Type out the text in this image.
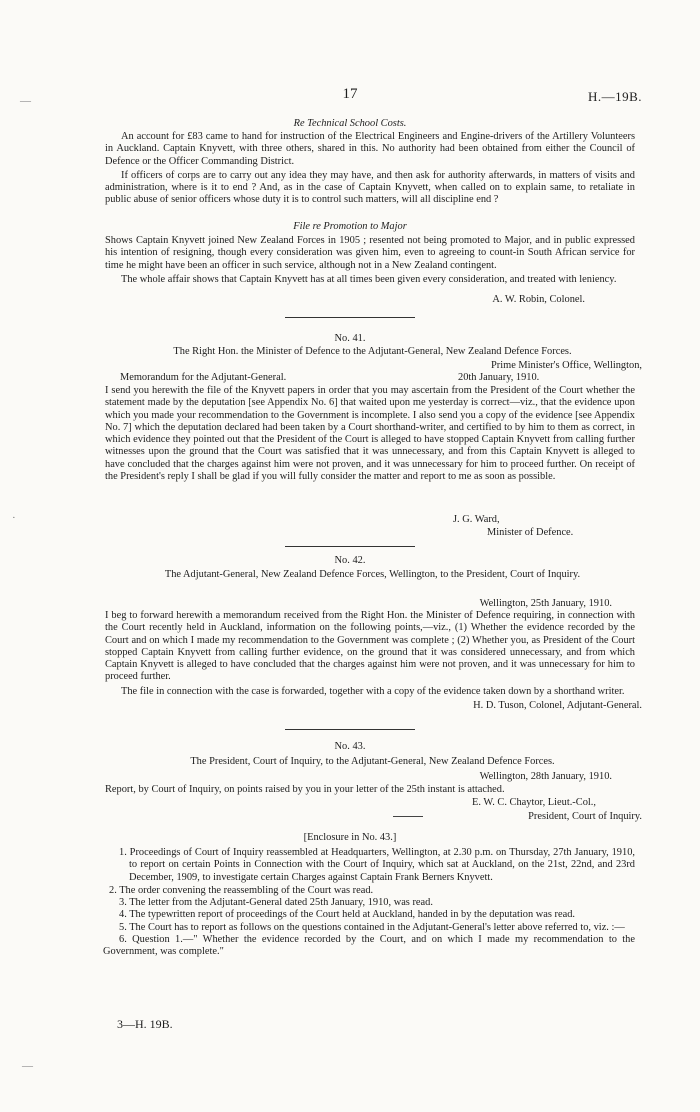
17	H.—19B.
Re Technical School Costs.

An account for £83 came to hand for instruction of the Electrical Engineers and Engine-drivers of the Artillery Volunteers in Auckland. Captain Knyvett, with three others, shared in this. No authority had been obtained from either the Council of Defence or the Officer Commanding District.

If officers of corps are to carry out any idea they may have, and then ask for authority afterwards, in matters of visits and administration, where is it to end ? And, as in the case of Captain Knyvett, when called on to explain same, to retaliate in public abuse of senior officers whose duty it is to control such matters, will all discipline end ?

File re Promotion to Major

Shows Captain Knyvett joined New Zealand Forces in 1905 ; resented not being promoted to Major, and in public expressed his intention of resigning, though every consideration was given him, even to agreeing to count-in South African service for time he might have been an officer in such service, although not in a New Zealand contingent.

The whole affair shows that Captain Knyvett has at all times been given every consideration, and treated with leniency.

A. W. Robin, Colonel.
No. 41.
The Right Hon. the Minister of Defence to the Adjutant-General, New Zealand Defence Forces.
Prime Minister's Office, Wellington,
Memorandum for the Adjutant-General.	20th January, 1910.

I send you herewith the file of the Knyvett papers in order that you may ascertain from the President of the Court whether the statement made by the deputation [see Appendix No. 6] that waited upon me yesterday is correct—viz., that the evidence upon which you made your recommendation to the Government is incomplete. I also send you a copy of the evidence [see Appendix No. 7] which the deputation declared had been taken by a Court shorthand-writer, and certified to by him to them as correct, in which evidence they pointed out that the President of the Court is alleged to have stopped Captain Knyvett from calling further witnesses upon the ground that the Court was satisfied that it was unnecessary, and from this Captain Knyvett is alleged to have concluded that the charges against him were not proven, and it was unnecessary for him to proceed further. On receipt of the President's reply I shall be glad if you will fully consider the matter and report to me as soon as possible.

J. G. Ward,
Minister of Defence.
No. 42.
The Adjutant-General, New Zealand Defence Forces, Wellington, to the President, Court of Inquiry.
Wellington, 25th January, 1910.

I beg to forward herewith a memorandum received from the Right Hon. the Minister of Defence requiring, in connection with the Court recently held in Auckland, information on the following points,—viz., (1) Whether the evidence recorded by the Court and on which I made my recommendation to the Government was complete ; (2) Whether you, as President of the Court stopped Captain Knyvett from calling further evidence, on the ground that it was considered unnecessary, and from which Captain Knyvett is alleged to have concluded that the charges against him were not proven, and it was unnecessary for him to proceed further.

The file in connection with the case is forwarded, together with a copy of the evidence taken down by a shorthand writer.

H. D. Tuson, Colonel, Adjutant-General.
No. 43.
The President, Court of Inquiry, to the Adjutant-General, New Zealand Defence Forces.
Wellington, 28th January, 1910.
Report, by Court of Inquiry, on points raised by you in your letter of the 25th instant is attached.
E. W. C. Chaytor, Lieut.-Col.,
President, Court of Inquiry.
[Enclosure in No. 43.]

1. Proceedings of Court of Inquiry reassembled at Headquarters, Wellington, at 2.30 p.m. on Thursday, 27th January, 1910, to report on certain Points in Connection with the Court of Inquiry, which sat at Auckland, on the 21st, 22nd, and 23rd December, 1909, to investigate certain Charges against Captain Frank Berners Knyvett.

2. The order convening the reassembling of the Court was read.

3. The letter from the Adjutant-General dated 25th January, 1910, was read.

4. The typewritten report of proceedings of the Court held at Auckland, handed in by the deputation was read.

5. The Court has to report as follows on the questions contained in the Adjutant-General's letter above referred to, viz. :—

6. Question 1.—" Whether the evidence recorded by the Court, and on which I made my recommendation to the Government, was complete."

3—H. 19B.
—
—
·
